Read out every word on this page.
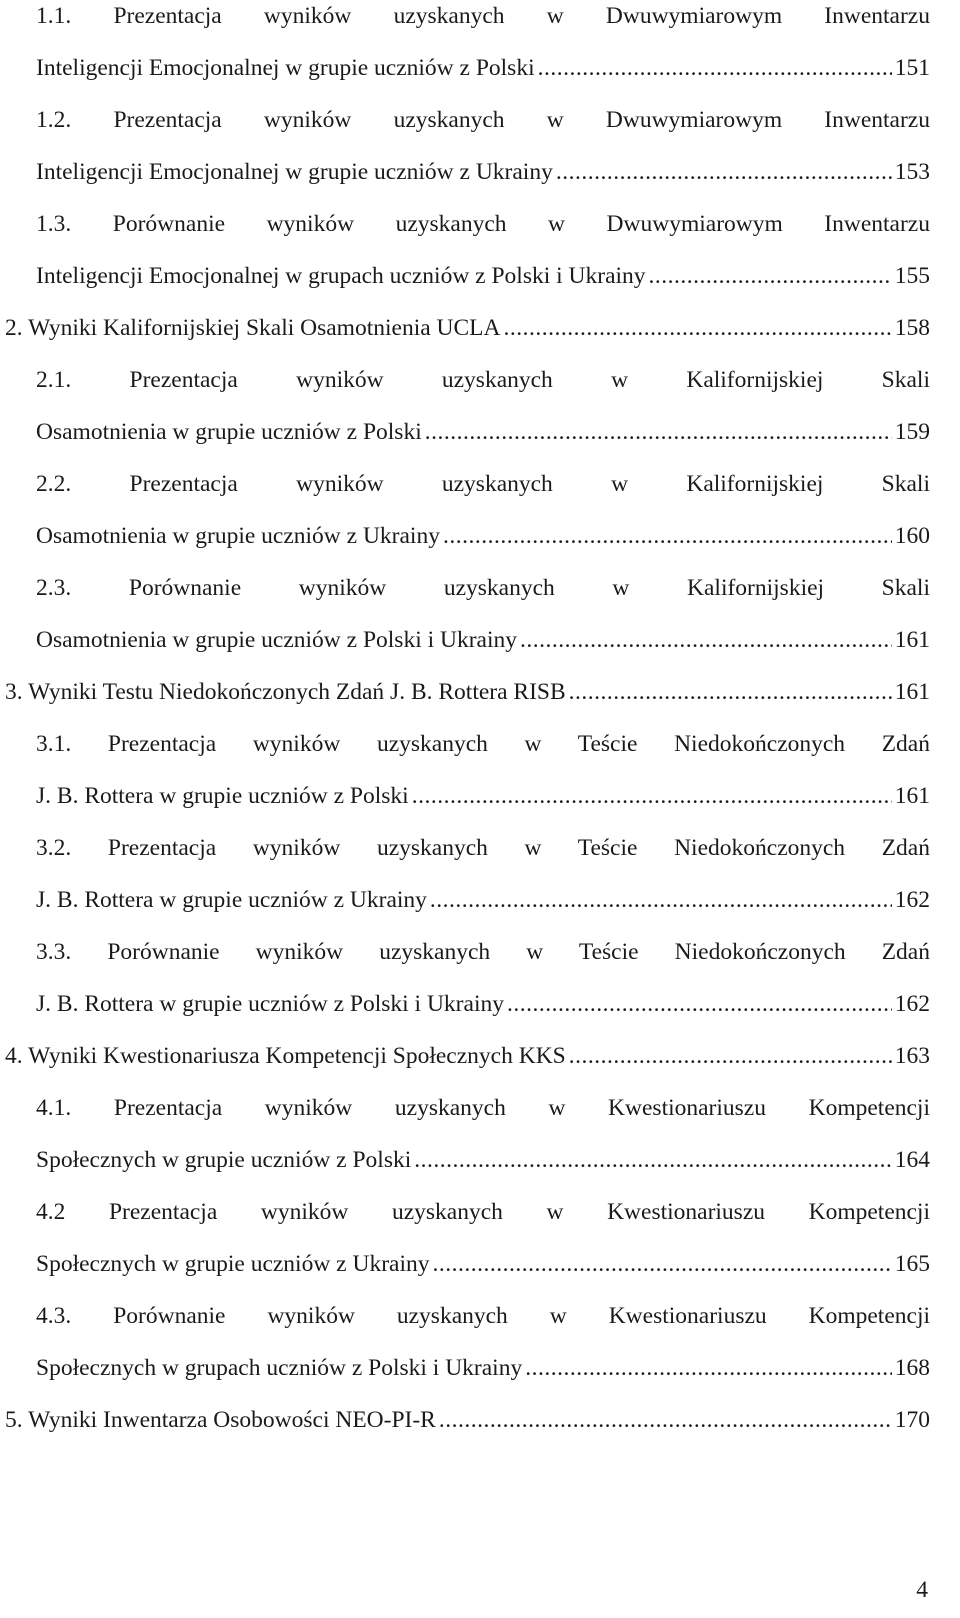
1.1. Prezentacja wyników uzyskanych w Dwuwymiarowym Inwentarzu
Inteligencji Emocjonalnej w grupie uczniów z Polski .....	151
1.2. Prezentacja wyników uzyskanych w Dwuwymiarowym Inwentarzu
Inteligencji Emocjonalnej w grupie uczniów z Ukrainy .....	153
1.3. Porównanie wyników uzyskanych w Dwuwymiarowym Inwentarzu
Inteligencji Emocjonalnej w grupach uczniów z Polski i Ukrainy .....	155
2. Wyniki Kalifornijskiej Skali Osamotnienia UCLA .....	158
2.1. Prezentacja wyników uzyskanych w Kalifornijskiej Skali
Osamotnienia w grupie uczniów z Polski .....	159
2.2. Prezentacja wyników uzyskanych w Kalifornijskiej Skali
Osamotnienia w grupie uczniów z Ukrainy .....	160
2.3. Porównanie wyników uzyskanych w Kalifornijskiej Skali
Osamotnienia w grupie uczniów z Polski i Ukrainy .....	161
3. Wyniki Testu Niedokończonych Zdań J. B. Rottera RISB .....	161
3.1. Prezentacja wyników uzyskanych w Teście Niedokończonych Zdań
J. B. Rottera w grupie uczniów z Polski .....	161
3.2. Prezentacja wyników uzyskanych w Teście Niedokończonych Zdań
J. B. Rottera w grupie uczniów z Ukrainy .....	162
3.3. Porównanie wyników uzyskanych w Teście Niedokończonych Zdań
J. B. Rottera w grupie uczniów z Polski i Ukrainy .....	162
4. Wyniki Kwestionariusza Kompetencji Społecznych KKS .....	163
4.1. Prezentacja wyników uzyskanych w Kwestionariuszu Kompetencji
Społecznych w grupie uczniów z Polski .....	164
4.2 Prezentacja wyników uzyskanych w Kwestionariuszu Kompetencji
Społecznych w grupie uczniów z Ukrainy .....	165
4.3. Porównanie wyników uzyskanych w Kwestionariuszu Kompetencji
Społecznych w grupach uczniów z Polski i Ukrainy .....	168
5. Wyniki Inwentarza Osobowości NEO-PI-R .....	170
4
